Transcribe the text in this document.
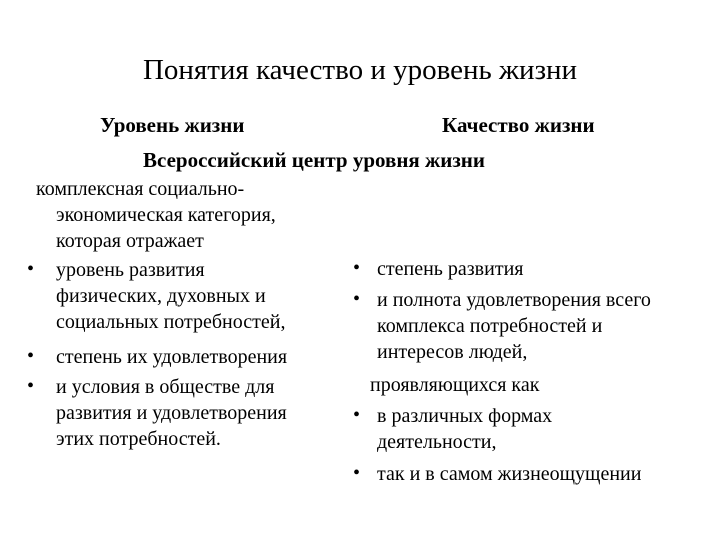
Понятия качество и уровень жизни
Уровень жизни	Качество жизни
Всероссийский центр уровня жизни
комплексная социально-
экономическая категория,
которая отражает
• уровень развития
физических, духовных и
социальных потребностей,
• степень их удовлетворения
• и условия в обществе для
развития и удовлетворения
этих потребностей.
• степень развития
• и полнота удовлетворения всего
комплекса потребностей и
интересов людей,
проявляющихся как
• в различных формах
деятельности,
• так и в самом жизнеощущении
